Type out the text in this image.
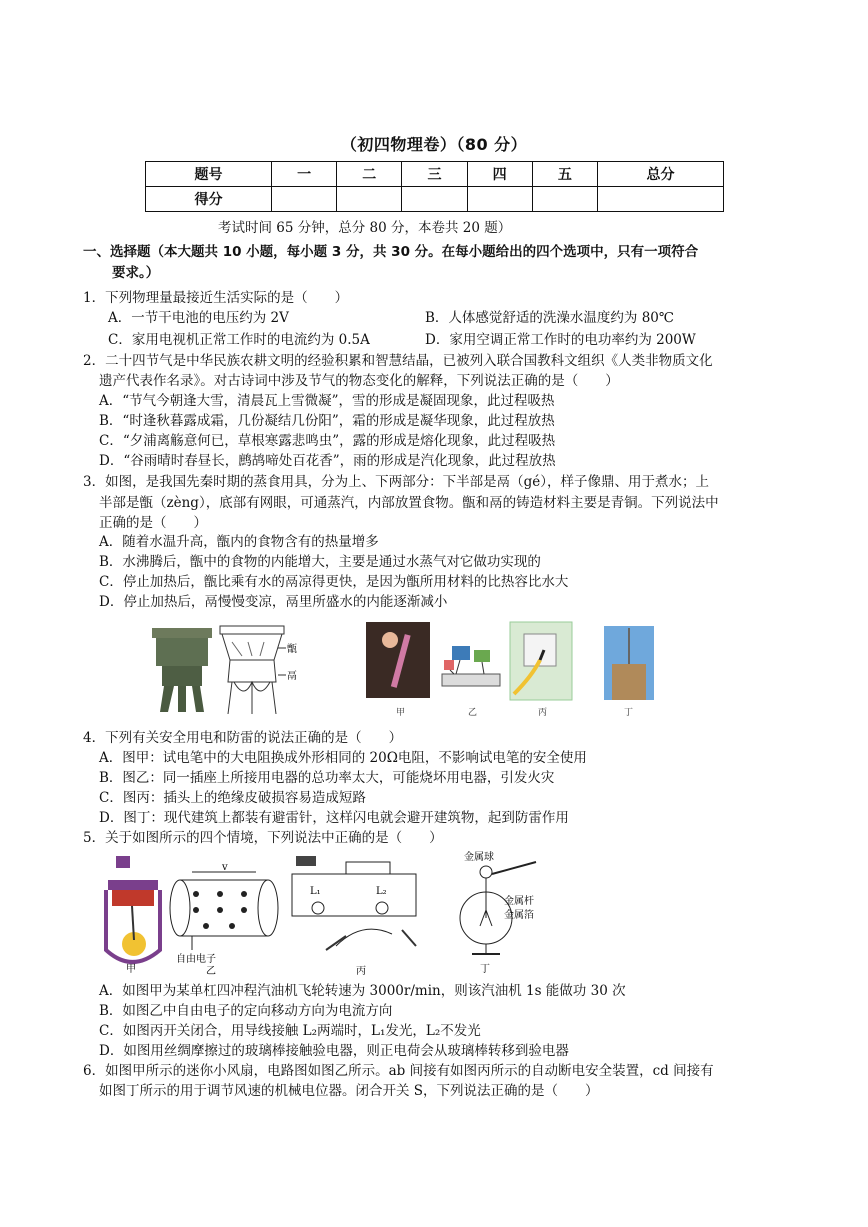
（初四物理卷）（80 分）
题号	一	二	三	四	五	总分
得分						
考试时间 65 分钟，总分 80 分，本卷共 20 题）
一、选择题（本大题共 10 小题，每小题 3 分，共 30 分。在每小题给出的四个选项中，只有一项符合
要求。）
1．下列物理量最接近生活实际的是（　　）
A．一节干电池的电压约为 2V	B．人体感觉舒适的洗澡水温度约为 80℃
C．家用电视机正常工作时的电流约为 0.5A	D．家用空调正常工作时的电功率约为 200W
2．二十四节气是中华民族农耕文明的经验积累和智慧结晶，已被列入联合国教科文组织《人类非物质文化
遗产代表作名录》。对古诗词中涉及节气的物态变化的解释，下列说法正确的是（　　）
A．“节气今朝逢大雪，清晨瓦上雪微凝”，雪的形成是凝固现象，此过程吸热
B．“时逢秋暮露成霜，几份凝结几份阳”，霜的形成是凝华现象，此过程放热
C．“夕浦离觞意何已，草根寒露悲鸣虫”，露的形成是熔化现象，此过程吸热
D．“谷雨晴时春昼长，鹧鸪啼处百花香”，雨的形成是汽化现象，此过程放热
3．如图，是我国先秦时期的蒸食用具，分为上、下两部分：下半部是鬲（gé），样子像鼎、用于煮水；上
半部是甑（zèng），底部有网眼，可通蒸汽，内部放置食物。甑和鬲的铸造材料主要是青铜。下列说法中
正确的是（　　）
A．随着水温升高，甑内的食物含有的热量增多
B．水沸腾后，甑中的食物的内能增大，主要是通过水蒸气对它做功实现的
C．停止加热后，甑比乘有水的鬲凉得更快，是因为甑所用材料的比热容比水大
D．停止加热后，鬲慢慢变凉，鬲里所盛水的内能逐渐减小
甑
鬲
甲	乙	丙	丁
4．下列有关安全用电和防雷的说法正确的是（　　）
A．图甲：试电笔中的大电阻换成外形相同的 20Ω电阻，不影响试电笔的安全使用
B．图乙：同一插座上所接用电器的总功率太大，可能烧坏用电器，引发火灾
C．图丙：插头上的绝缘皮破损容易造成短路
D．图丁：现代建筑上都装有避雷针，这样闪电就会避开建筑物，起到防雷作用
5．关于如图所示的四个情境，下列说法中正确的是（　　）
甲
v
自由电子
乙
L₁	L₂
丙
金属球
金属杆
金属箔
丁
A．如图甲为某单杠四冲程汽油机飞轮转速为 3000r/min，则该汽油机 1s 能做功 30 次
B．如图乙中自由电子的定向移动方向为电流方向
C．如图丙开关闭合，用导线接触 L₂两端时，L₁发光，L₂不发光
D．如图用丝绸摩擦过的玻璃棒接触验电器，则正电荷会从玻璃棒转移到验电器
6．如图甲所示的迷你小风扇，电路图如图乙所示。ab 间接有如图丙所示的自动断电安全装置，cd 间接有
如图丁所示的用于调节风速的机械电位器。闭合开关 S，下列说法正确的是（　　）
